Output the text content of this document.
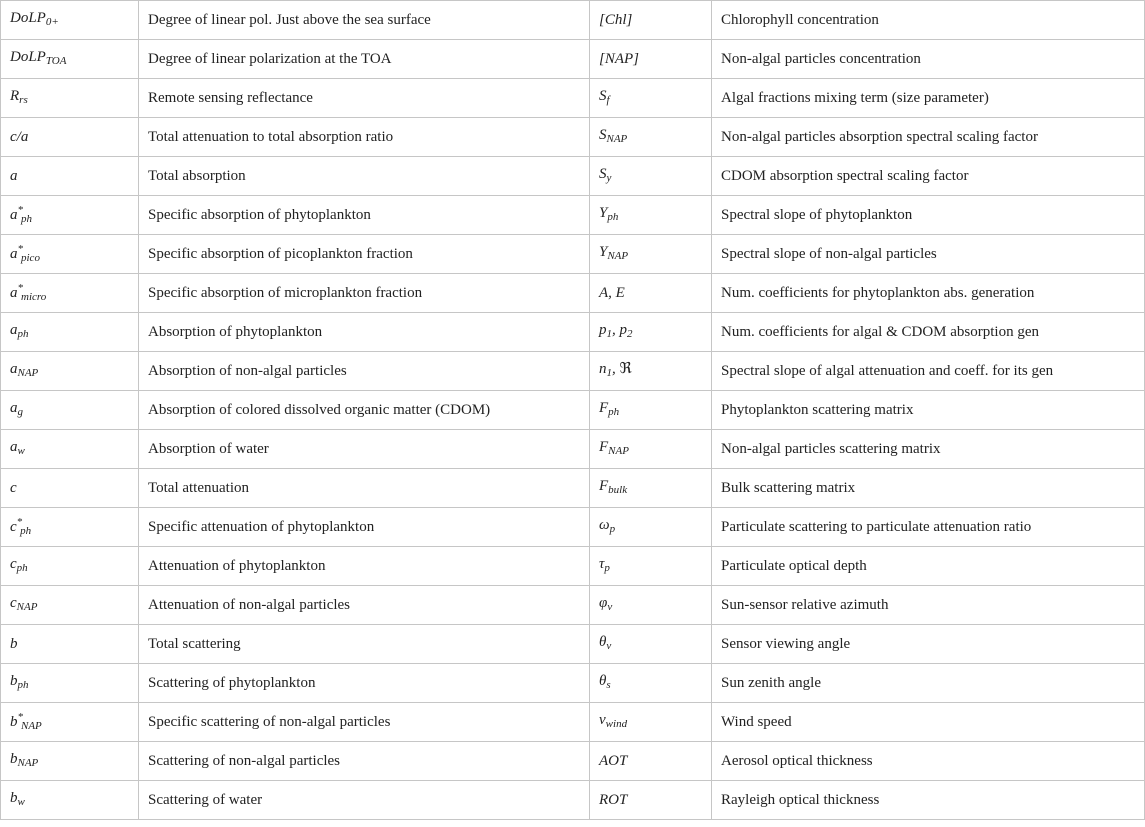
DoLP$_{0+}$	Degree of linear pol. Just above the sea surface	[Chl]	Chlorophyll concentration
DoLP$_{TOA}$	Degree of linear polarization at the TOA	[NAP]	Non-algal particles concentration
$R_{rs}$	Remote sensing reflectance	$S_f$	Algal fractions mixing term (size parameter)
c/a	Total attenuation to total absorption ratio	$S_{NAP}$	Non-algal particles absorption spectral scaling factor
a	Total absorption	$S_y$	CDOM absorption spectral scaling factor
$a^*_{ph}$	Specific absorption of phytoplankton	$Y_{ph}$	Spectral slope of phytoplankton
$a^*_{pico}$	Specific absorption of picoplankton fraction	$Y_{NAP}$	Spectral slope of non-algal particles
$a^*_{micro}$	Specific absorption of microplankton fraction	A, E	Num. coefficients for phytoplankton abs. generation
$a_{ph}$	Absorption of phytoplankton	$p_1$, $p_2$	Num. coefficients for algal & CDOM absorption gen
$a_{NAP}$	Absorption of non-algal particles	$n_1$, ℜ	Spectral slope of algal attenuation and coeff. for its gen
$a_g$	Absorption of colored dissolved organic matter (CDOM)	$F_{ph}$	Phytoplankton scattering matrix
$a_w$	Absorption of water	$F_{NAP}$	Non-algal particles scattering matrix
c	Total attenuation	$F_{bulk}$	Bulk scattering matrix
$c^*_{ph}$	Specific attenuation of phytoplankton	$\omega_p$	Particulate scattering to particulate attenuation ratio
$c_{ph}$	Attenuation of phytoplankton	$\tau_p$	Particulate optical depth
$c_{NAP}$	Attenuation of non-algal particles	$\varphi_v$	Sun-sensor relative azimuth
b	Total scattering	$\theta_v$	Sensor viewing angle
$b_{ph}$	Scattering of phytoplankton	$\theta_s$	Sun zenith angle
$b^*_{NAP}$	Specific scattering of non-algal particles	$v_{wind}$	Wind speed
$b_{NAP}$	Scattering of non-algal particles	AOT	Aerosol optical thickness
$b_w$	Scattering of water	ROT	Rayleigh optical thickness
